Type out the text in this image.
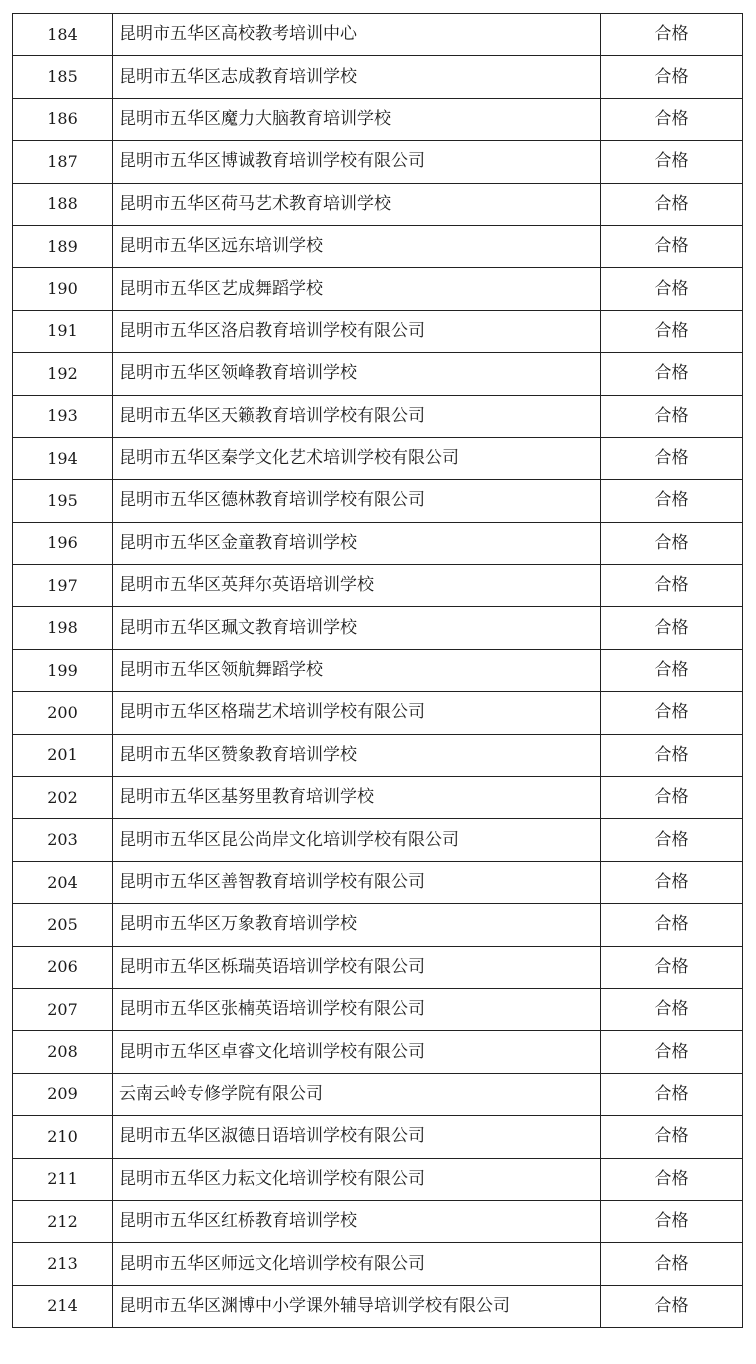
184	昆明市五华区高校教考培训中心	合格
185	昆明市五华区志成教育培训学校	合格
186	昆明市五华区魔力大脑教育培训学校	合格
187	昆明市五华区博诚教育培训学校有限公司	合格
188	昆明市五华区荷马艺术教育培训学校	合格
189	昆明市五华区远东培训学校	合格
190	昆明市五华区艺成舞蹈学校	合格
191	昆明市五华区洛启教育培训学校有限公司	合格
192	昆明市五华区领峰教育培训学校	合格
193	昆明市五华区天籁教育培训学校有限公司	合格
194	昆明市五华区秦学文化艺术培训学校有限公司	合格
195	昆明市五华区德林教育培训学校有限公司	合格
196	昆明市五华区金童教育培训学校	合格
197	昆明市五华区英拜尔英语培训学校	合格
198	昆明市五华区珮文教育培训学校	合格
199	昆明市五华区领航舞蹈学校	合格
200	昆明市五华区格瑞艺术培训学校有限公司	合格
201	昆明市五华区赞象教育培训学校	合格
202	昆明市五华区基努里教育培训学校	合格
203	昆明市五华区昆公尚岸文化培训学校有限公司	合格
204	昆明市五华区善智教育培训学校有限公司	合格
205	昆明市五华区万象教育培训学校	合格
206	昆明市五华区栎瑞英语培训学校有限公司	合格
207	昆明市五华区张楠英语培训学校有限公司	合格
208	昆明市五华区卓睿文化培训学校有限公司	合格
209	云南云岭专修学院有限公司	合格
210	昆明市五华区淑德日语培训学校有限公司	合格
211	昆明市五华区力耘文化培训学校有限公司	合格
212	昆明市五华区红桥教育培训学校	合格
213	昆明市五华区师远文化培训学校有限公司	合格
214	昆明市五华区渊博中小学课外辅导培训学校有限公司	合格
